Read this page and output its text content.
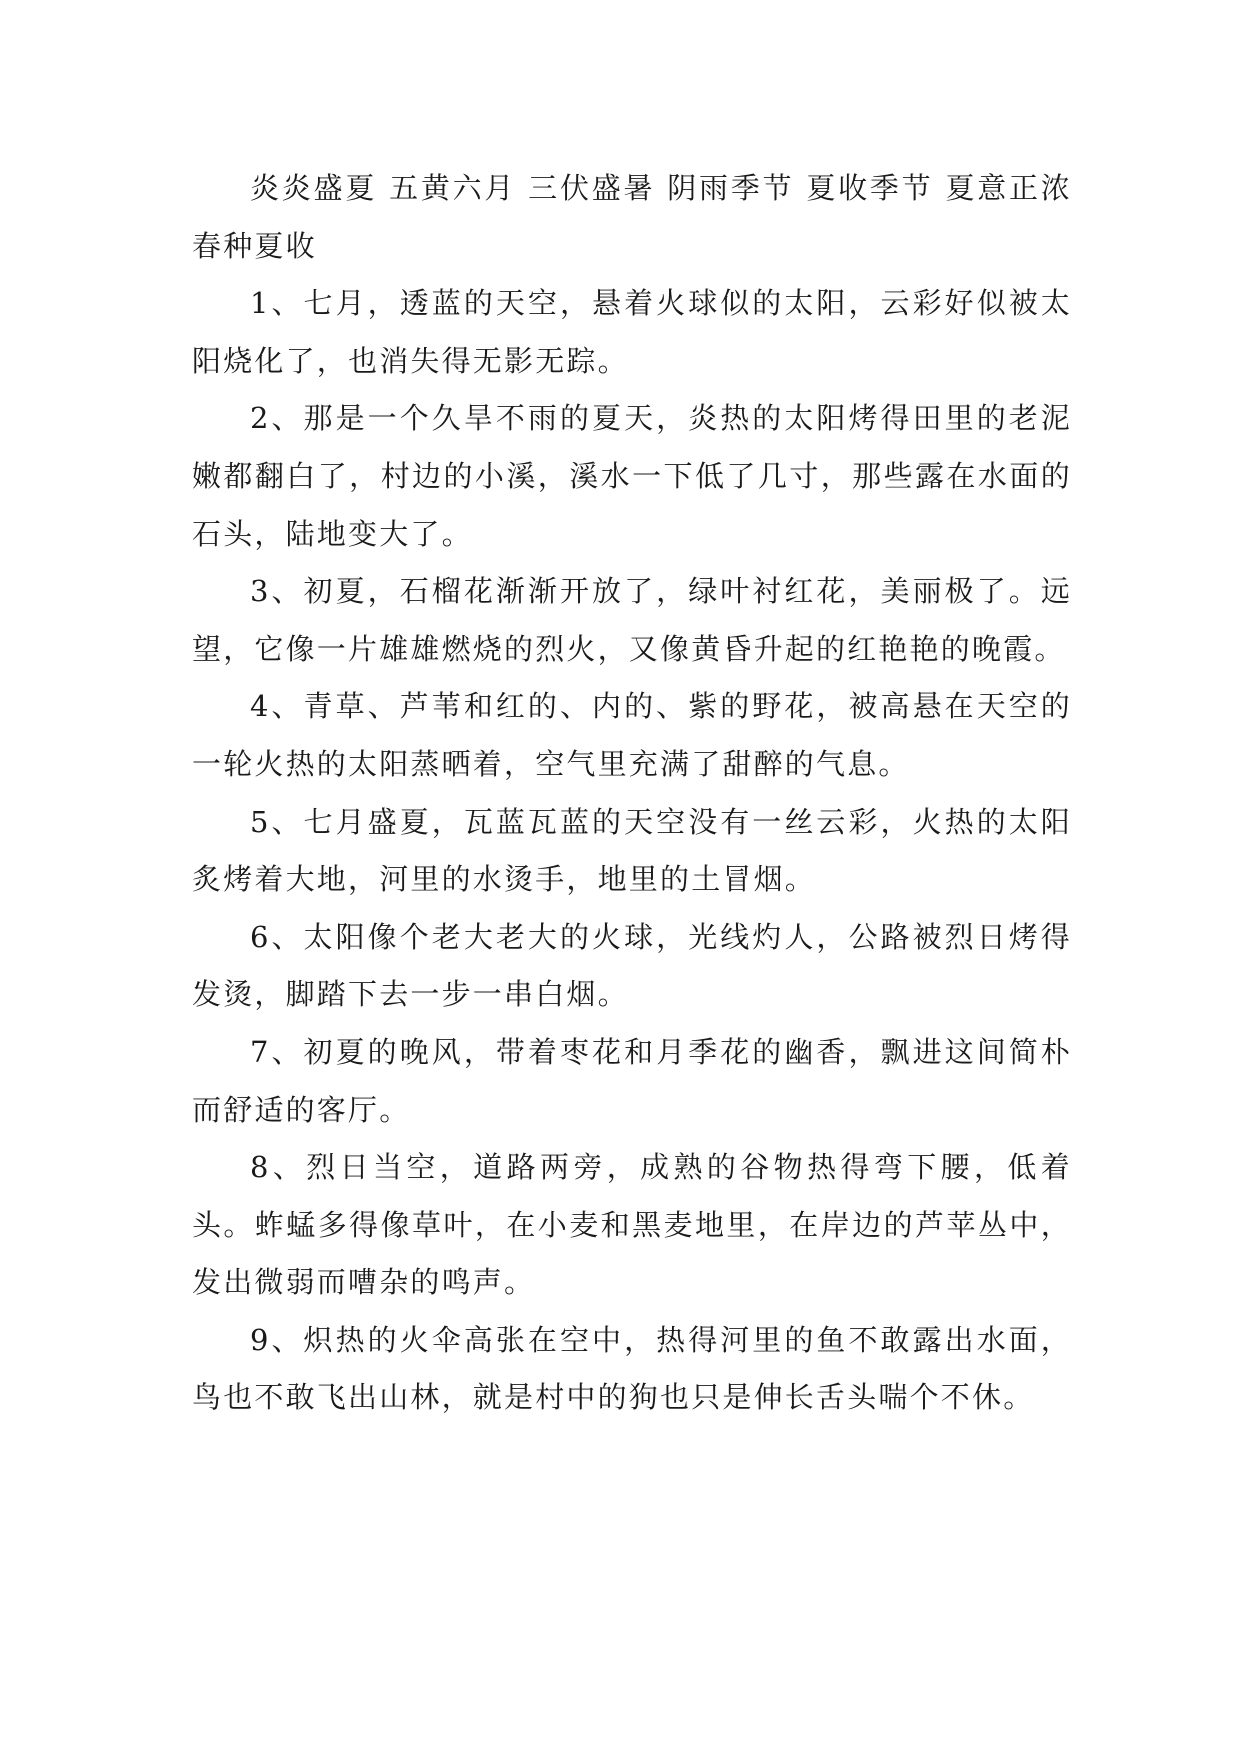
炎炎盛夏 五黄六月 三伏盛暑 阴雨季节 夏收季节 夏意正浓 春种夏收

1、七月，透蓝的天空，悬着火球似的太阳，云彩好似被太阳烧化了，也消失得无影无踪。

2、那是一个久旱不雨的夏天，炎热的太阳烤得田里的老泥嫩都翻白了，村边的小溪，溪水一下低了几寸，那些露在水面的石头，陆地变大了。

3、初夏，石榴花渐渐开放了，绿叶衬红花，美丽极了。远望，它像一片雄雄燃烧的烈火，又像黄昏升起的红艳艳的晚霞。

4、青草、芦苇和红的、内的、紫的野花，被高悬在天空的一轮火热的太阳蒸晒着，空气里充满了甜醉的气息。

5、七月盛夏，瓦蓝瓦蓝的天空没有一丝云彩，火热的太阳炙烤着大地，河里的水烫手，地里的土冒烟。

6、太阳像个老大老大的火球，光线灼人，公路被烈日烤得发烫，脚踏下去一步一串白烟。

7、初夏的晚风，带着枣花和月季花的幽香，飘进这间简朴而舒适的客厅。

8、烈日当空，道路两旁，成熟的谷物热得弯下腰，低着头。蚱蜢多得像草叶，在小麦和黑麦地里，在岸边的芦苹丛中，发出微弱而嘈杂的鸣声。

9、炽热的火伞高张在空中，热得河里的鱼不敢露出水面，鸟也不敢飞出山林，就是村中的狗也只是伸长舌头喘个不休。
